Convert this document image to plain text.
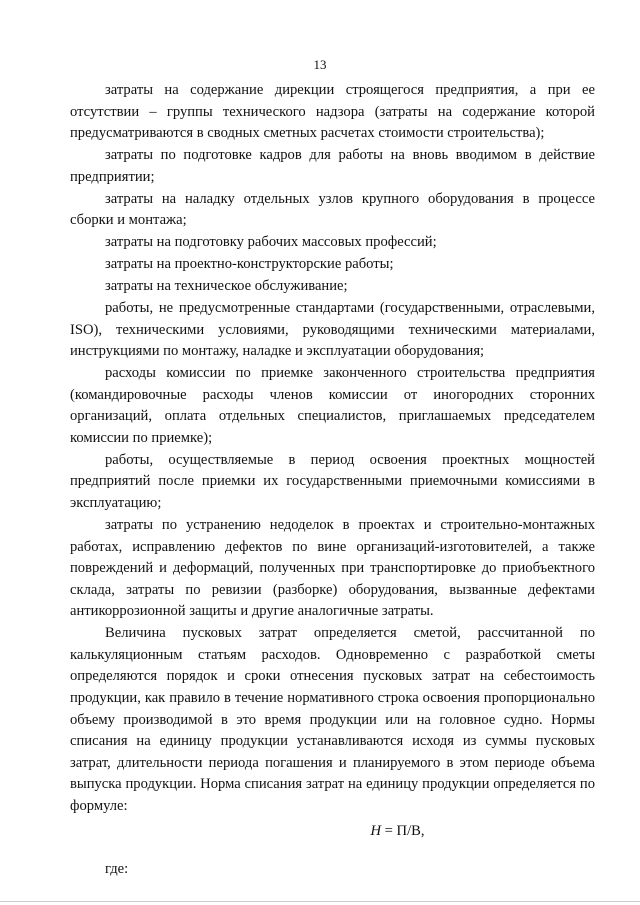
13

затраты на содержание дирекции строящегося предприятия, а при ее отсутствии – группы технического надзора (затраты на содержание которой предусматриваются в сводных сметных расчетах стоимости строительства);

затраты по подготовке кадров для работы на вновь вводимом в действие предприятии;

затраты на наладку отдельных узлов крупного оборудования в процессе сборки и монтажа;

затраты на подготовку рабочих массовых профессий;

затраты на проектно-конструкторские работы;

затраты на техническое обслуживание;

работы, не предусмотренные стандартами (государственными, отраслевыми, ISO), техническими условиями, руководящими техническими материалами, инструкциями по монтажу, наладке и эксплуатации оборудования;

расходы комиссии по приемке законченного строительства предприятия (командировочные расходы членов комиссии от иногородних сторонних организаций, оплата отдельных специалистов, приглашаемых председателем комиссии по приемке);

работы, осуществляемые в период освоения проектных мощностей предприятий после приемки их государственными приемочными комиссиями в эксплуатацию;

затраты по устранению недоделок в проектах и строительно-монтажных работах, исправлению дефектов по вине организаций-изготовителей, а также повреждений и деформаций, полученных при транспортировке до приобъектного склада, затраты по ревизии (разборке) оборудования, вызванные дефектами антикоррозионной защиты и другие аналогичные затраты.

Величина пусковых затрат определяется сметой, рассчитанной по калькуляционным статьям расходов. Одновременно с разработкой сметы определяются порядок и сроки отнесения пусковых затрат на себестоимость продукции, как правило в течение нормативного строка освоения пропорционально объему производимой в это время продукции или на головное судно. Нормы списания на единицу продукции устанавливаются исходя из суммы пусковых затрат, длительности периода погашения и планируемого в этом периоде объема выпуска продукции. Норма списания затрат на единицу продукции определяется по формуле:

H = П/В,

где:
